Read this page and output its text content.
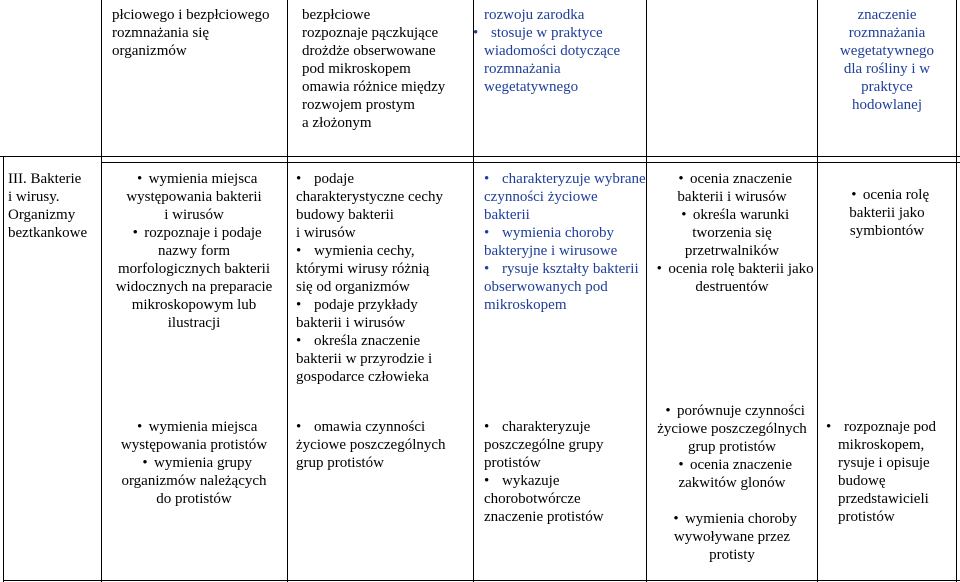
płciowego i bezpłciowego
rozmnażania się
organizmów
bezpłciowe
rozpoznaje pączkujące
drożdże obserwowane
pod mikroskopem
omawia różnice między
rozwojem prostym
a złożonym
rozwoju zarodka
•stosuje w praktyce
wiadomości dotyczące
rozmnażania
wegetatywnego
znaczenie
rozmnażania
wegetatywnego
dla rośliny i w
praktyce
hodowlanej
III. Bakterie
i wirusy.
Organizmy
beztkankowe
•wymienia miejsca
występowania bakterii
i wirusów
•rozpoznaje i podaje
nazwy form
morfologicznych bakterii
widocznych na preparacie
mikroskopowym lub
ilustracji
•podaje
charakterystyczne cechy
budowy bakterii
i wirusów
•wymienia cechy,
którymi wirusy różnią
się od organizmów
•podaje przykłady
bakterii i wirusów
•określa znaczenie
bakterii w przyrodzie i
gospodarce człowieka
•charakteryzuje wybrane
czynności życiowe
bakterii
•wymienia choroby
bakteryjne i wirusowe
•rysuje kształty bakterii
obserwowanych pod
mikroskopem
•ocenia znaczenie
bakterii i wirusów
•określa warunki
tworzenia się
przetrwalników
•ocenia rolę bakterii jako
destruentów
•ocenia rolę
bakterii jako
symbiontów
•wymienia miejsca
występowania protistów
•wymienia grupy
organizmów należących
do protistów
•omawia czynności
życiowe poszczególnych
grup protistów
•charakteryzuje
poszczególne grupy
protistów
•wykazuje
chorobotwórcze
znaczenie protistów
•porównuje czynności
życiowe poszczególnych
grup protistów
•ocenia znaczenie
zakwitów glonów
•wymienia choroby
wywoływane przez
protisty
•rozpoznaje pod
mikroskopem,
rysuje i opisuje
budowę
przedstawicieli
protistów
